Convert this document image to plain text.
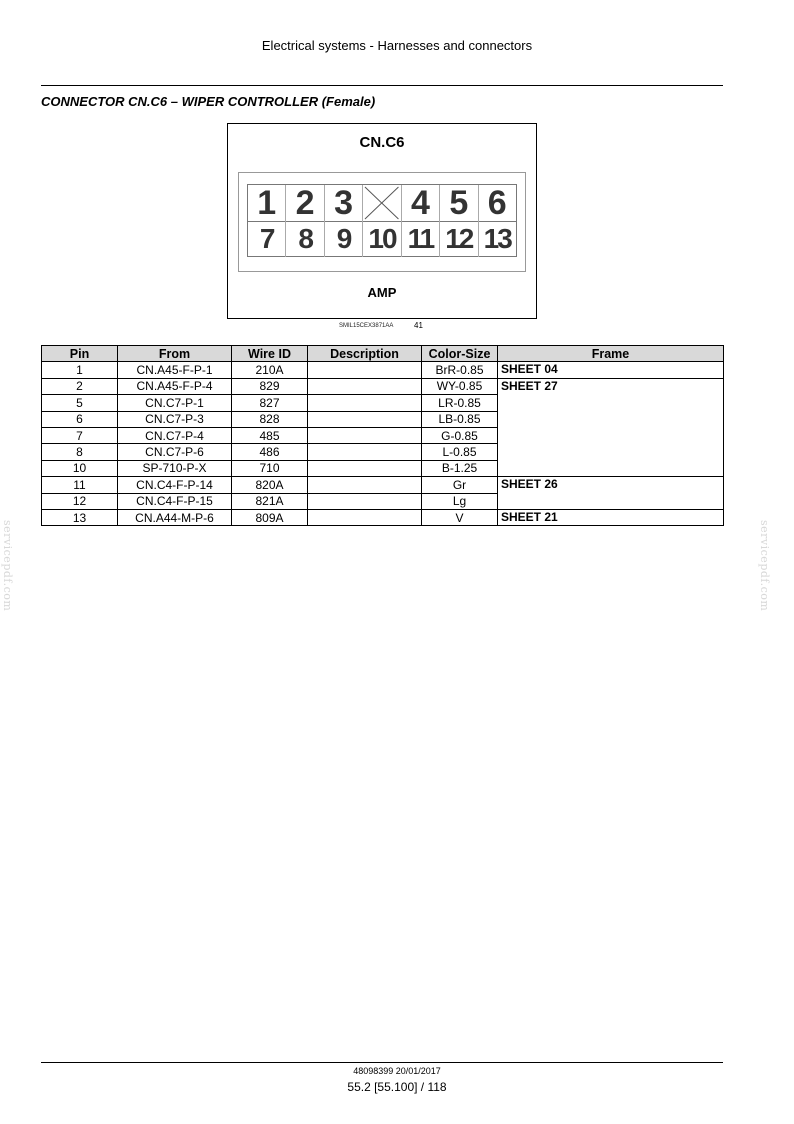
Electrical systems - Harnesses and connectors
CONNECTOR CN.C6 – WIPER CONTROLLER (Female)
CN.C6
1 2 3	4 5 6
7 8 9 10 11 12 13
AMP
SMIL15CEX3871AA	41
Pin	From	Wire ID	Description	Color-Size	Frame
1	CN.A45-F-P-1	210A		BrR-0.85	SHEET 04
2	CN.A45-F-P-4	829		WY-0.85	SHEET 27
5	CN.C7-P-1	827		LR-0.85	
6	CN.C7-P-3	828		LB-0.85	
7	CN.C7-P-4	485		G-0.85	
8	CN.C7-P-6	486		L-0.85	
10	SP-710-P-X	710		B-1.25	
11	CN.C4-F-P-14	820A		Gr	SHEET 26
12	CN.C4-F-P-15	821A		Lg	
13	CN.A44-M-P-6	809A		V	SHEET 21
servicepdf.com	servicepdf.com
48098399 20/01/2017
55.2 [55.100] / 118
